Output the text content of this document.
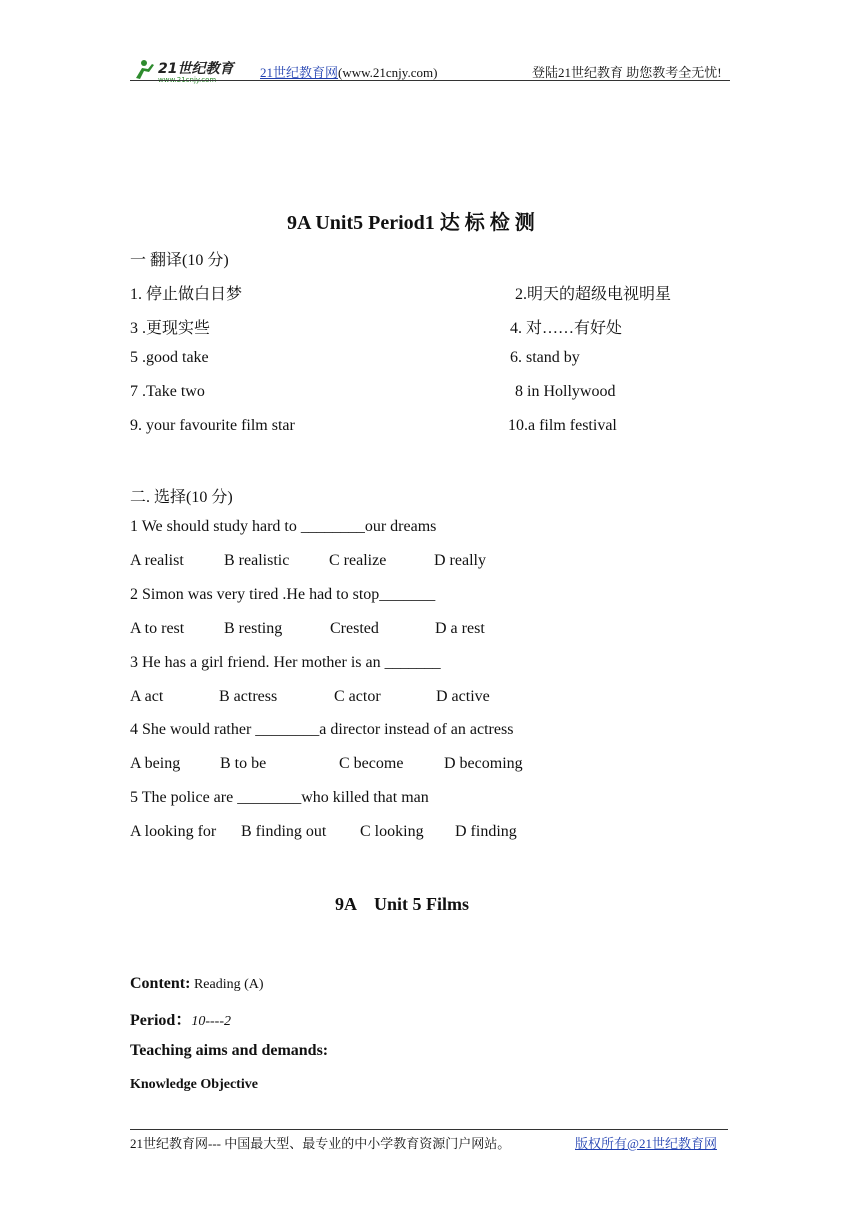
21世纪教育
www.21cnjy.com	21世纪教育网(www.21cnjy.com)	登陆21世纪教育 助您教考全无忧!
9A Unit5 Period1 达 标 检 测
一 翻译(10 分)
1. 停止做白日梦	2.明天的超级电视明星
3 .更现实些	4. 对……有好处
5 .good take	6. stand by
7 .Take two	8 in Hollywood
9. your favourite film star	10.a film festival
二. 选择(10 分)
1 We should study hard to ________our dreams
A realist	B realistic C realize	D really
2 Simon was very tired .He had to stop_______
A to rest B resting	Crested	D a rest
3 He has a girl friend. Her mother is an _______
A act	B actress	C actor	D active
4 She would rather ________a director instead of an actress
A being B to be	C become	D becoming
5 The police are ________who killed that man
A looking for B finding out C looking D finding
9A    Unit 5 Films
Content: Reading (A)
Period：10----2
Teaching aims and demands:
Knowledge Objective
21世纪教育网--- 中国最大型、最专业的中小学教育资源门户网站。	版权所有@21世纪教育网
